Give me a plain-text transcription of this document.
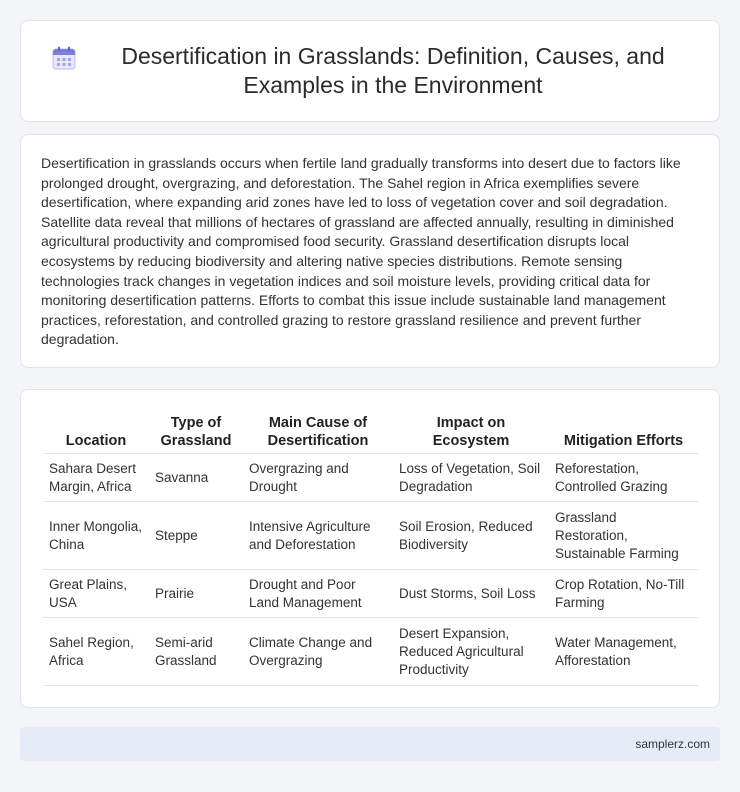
Desertification in Grasslands: Definition, Causes, and Examples in the Environment

Desertification in grasslands occurs when fertile land gradually transforms into desert due to factors like prolonged drought, overgrazing, and deforestation. The Sahel region in Africa exemplifies severe desertification, where expanding arid zones have led to loss of vegetation cover and soil degradation. Satellite data reveal that millions of hectares of grassland are affected annually, resulting in diminished agricultural productivity and compromised food security. Grassland desertification disrupts local ecosystems by reducing biodiversity and altering native species distributions. Remote sensing technologies track changes in vegetation indices and soil moisture levels, providing critical data for monitoring desertification patterns. Efforts to combat this issue include sustainable land management practices, reforestation, and controlled grazing to restore grassland resilience and prevent further degradation.

Location	Type of Grassland	Main Cause of Desertification	Impact on Ecosystem	Mitigation Efforts
Sahara Desert Margin, Africa	Savanna	Overgrazing and Drought	Loss of Vegetation, Soil Degradation	Reforestation, Controlled Grazing
Inner Mongolia, China	Steppe	Intensive Agriculture and Deforestation	Soil Erosion, Reduced Biodiversity	Grassland Restoration, Sustainable Farming
Great Plains, USA	Prairie	Drought and Poor Land Management	Dust Storms, Soil Loss	Crop Rotation, No-Till Farming
Sahel Region, Africa	Semi-arid Grassland	Climate Change and Overgrazing	Desert Expansion, Reduced Agricultural Productivity	Water Management, Afforestation
samplerz.com
